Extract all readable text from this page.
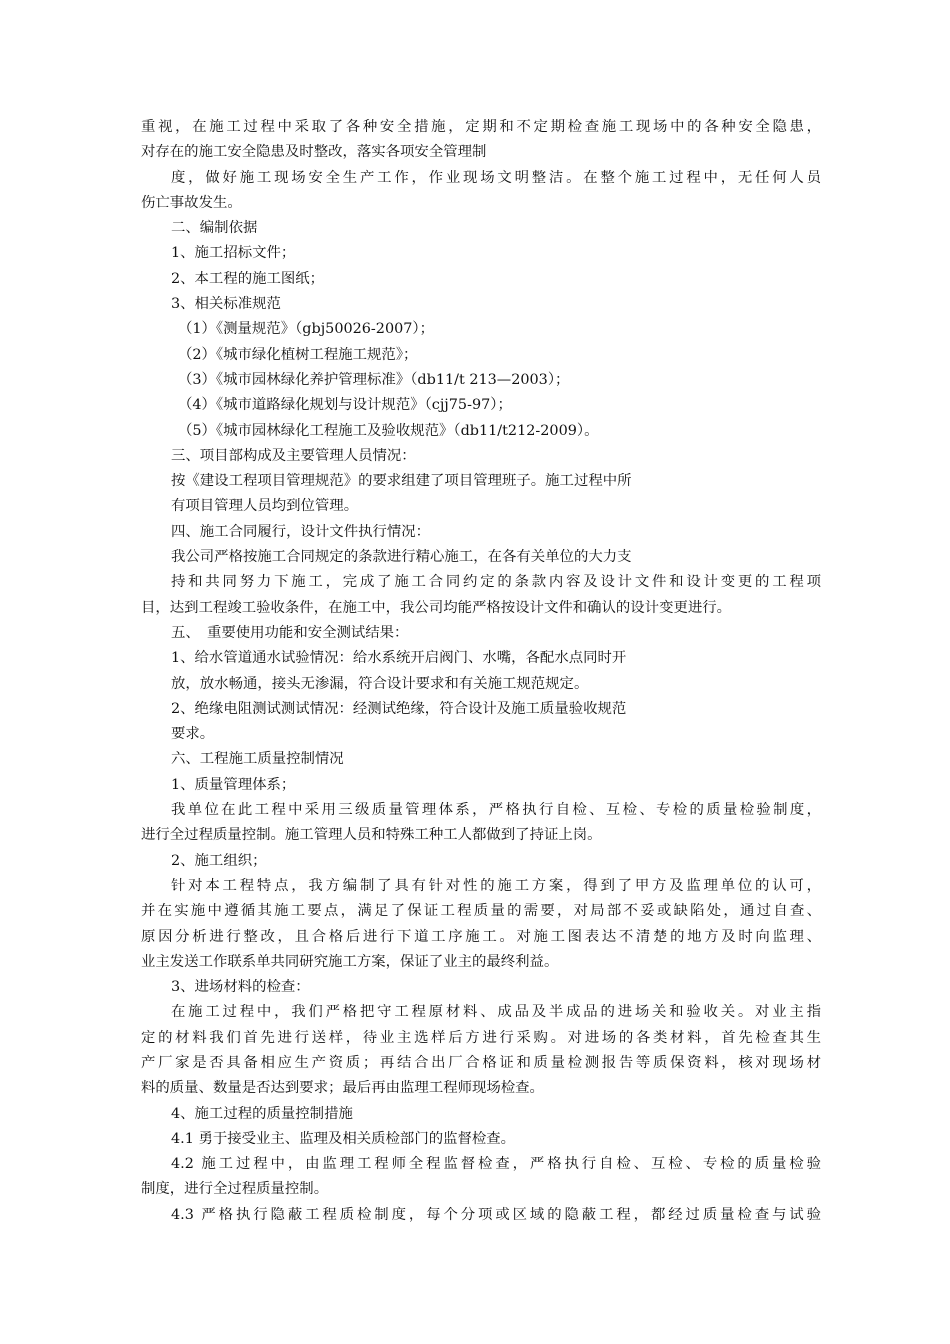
重视，在施工过程中采取了各种安全措施，定期和不定期检查施工现场中的各种安全隐患，
对存在的施工安全隐患及时整改，落实各项安全管理制
度，做好施工现场安全生产工作，作业现场文明整洁。在整个施工过程中，无任何人员
伤亡事故发生。
二、编制依据
1、施工招标文件；
2、本工程的施工图纸；
3、相关标准规范
（1）《测量规范》（gbj50026-2007）；
（2）《城市绿化植树工程施工规范》；
（3）《城市园林绿化养护管理标准》（db11/t 213—2003）；
（4）《城市道路绿化规划与设计规范》（cjj75-97）；
（5）《城市园林绿化工程施工及验收规范》（db11/t212-2009）。
三、项目部构成及主要管理人员情况：
按《建设工程项目管理规范》的要求组建了项目管理班子。施工过程中所
有项目管理人员均到位管理。
四、施工合同履行，设计文件执行情况：
我公司严格按施工合同规定的条款进行精心施工，在各有关单位的大力支
持和共同努力下施工，完成了施工合同约定的条款内容及设计文件和设计变更的工程项
目，达到工程竣工验收条件，在施工中，我公司均能严格按设计文件和确认的设计变更进行。
五、　重要使用功能和安全测试结果：
1、给水管道通水试验情况：给水系统开启阀门、水嘴，各配水点同时开
放，放水畅通，接头无渗漏，符合设计要求和有关施工规范规定。
2、绝缘电阻测试测试情况：经测试绝缘，符合设计及施工质量验收规范
要求。
六、工程施工质量控制情况
1、质量管理体系；
我单位在此工程中采用三级质量管理体系，严格执行自检、互检、专检的质量检验制度，
进行全过程质量控制。施工管理人员和特殊工种工人都做到了持证上岗。
2、施工组织；
针对本工程特点，我方编制了具有针对性的施工方案，得到了甲方及监理单位的认可，
并在实施中遵循其施工要点，满足了保证工程质量的需要，对局部不妥或缺陷处，通过自查、
原因分析进行整改，且合格后进行下道工序施工。对施工图表达不清楚的地方及时向监理、
业主发送工作联系单共同研究施工方案，保证了业主的最终利益。
3、进场材料的检查：
在施工过程中，我们严格把守工程原材料、成品及半成品的进场关和验收关。对业主指
定的材料我们首先进行送样，待业主选样后方进行采购。对进场的各类材料，首先检查其生
产厂家是否具备相应生产资质；再结合出厂合格证和质量检测报告等质保资料，核对现场材
料的质量、数量是否达到要求；最后再由监理工程师现场检查。
4、施工过程的质量控制措施
4.1 勇于接受业主、监理及相关质检部门的监督检查。
4.2 施工过程中，由监理工程师全程监督检查，严格执行自检、互检、专检的质量检验
制度，进行全过程质量控制。
4.3 严格执行隐蔽工程质检制度，每个分项或区域的隐蔽工程，都经过质量检查与试验
